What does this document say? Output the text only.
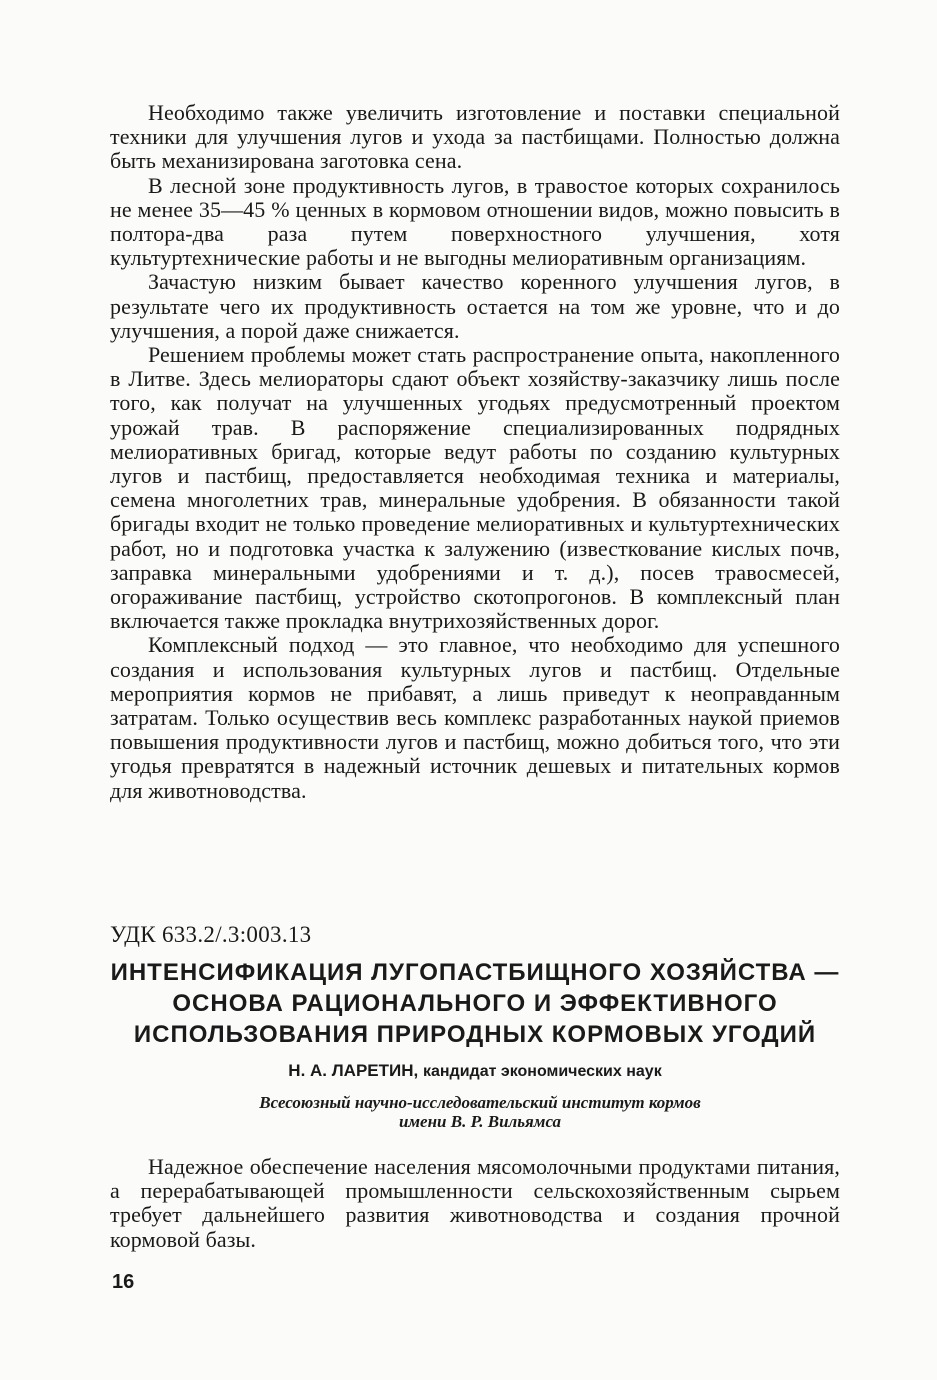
Необходимо также увеличить изготовление и поставки специальной техники для улучшения лугов и ухода за пастбищами. Полностью должна быть механизирована заготовка сена.

В лесной зоне продуктивность лугов, в травостое которых сохранилось не менее 35—45 % ценных в кормовом отношении видов, можно повысить в полтора-два раза путем поверхностного улучшения, хотя культуртехнические работы и не выгодны мелиоративным организациям.

Зачастую низким бывает качество коренного улучшения лугов, в результате чего их продуктивность остается на том же уровне, что и до улучшения, а порой даже снижается.

Решением проблемы может стать распространение опыта, накопленного в Литве. Здесь мелиораторы сдают объект хозяйству-заказчику лишь после того, как получат на улучшенных угодьях предусмотренный проектом урожай трав. В распоряжение специализированных подрядных мелиоративных бригад, которые ведут работы по созданию культурных лугов и пастбищ, предоставляется необходимая техника и материалы, семена многолетних трав, минеральные удобрения. В обязанности такой бригады входит не только проведение мелиоративных и культуртехнических работ, но и подготовка участка к залужению (известкование кислых почв, заправка минеральными удобрениями и т. д.), посев травосмесей, огораживание пастбищ, устройство скотопрогонов. В комплексный план включается также прокладка внутрихозяйственных дорог.

Комплексный подход — это главное, что необходимо для успешного создания и использования культурных лугов и пастбищ. Отдельные мероприятия кормов не прибавят, а лишь приведут к неоправданным затратам. Только осуществив весь комплекс разработанных наукой приемов повышения продуктивности лугов и пастбищ, можно добиться того, что эти угодья превратятся в надежный источник дешевых и питательных кормов для животноводства.

УДК 633.2/.3:003.13
ИНТЕНСИФИКАЦИЯ ЛУГОПАСТБИЩНОГО ХОЗЯЙСТВА —
ОСНОВА РАЦИОНАЛЬНОГО И ЭФФЕКТИВНОГО
ИСПОЛЬЗОВАНИЯ ПРИРОДНЫХ КОРМОВЫХ УГОДИЙ
Н. А. ЛАРЕТИН, кандидат экономических наук
Всесоюзный научно-исследовательский институт кормов
имени В. Р. Вильямса

Надежное обеспечение населения мясомолочными продуктами питания, а перерабатывающей промышленности сельскохозяйственным сырьем требует дальнейшего развития животноводства и создания прочной кормовой базы.

16
